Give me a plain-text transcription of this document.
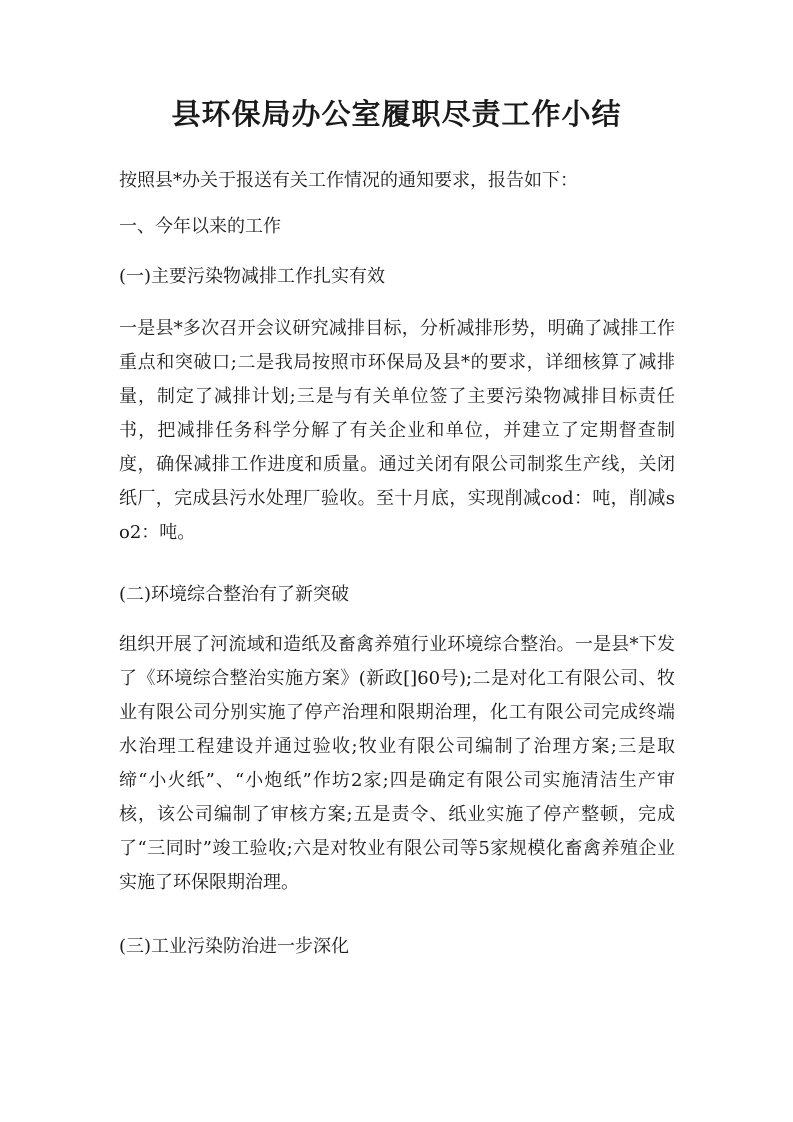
县环保局办公室履职尽责工作小结

按照县*办关于报送有关工作情况的通知要求，报告如下：

一、今年以来的工作

(一)主要污染物减排工作扎实有效

一是县*多次召开会议研究减排目标，分析减排形势，明确了减排工作重点和突破口;二是我局按照市环保局及县*的要求，详细核算了减排量，制定了减排计划;三是与有关单位签了主要污染物减排目标责任书，把减排任务科学分解了有关企业和单位，并建立了定期督查制度，确保减排工作进度和质量。通过关闭有限公司制浆生产线，关闭纸厂，完成县污水处理厂验收。至十月底，实现削减cod：吨，削减so2：吨。

(二)环境综合整治有了新突破

组织开展了河流域和造纸及畜禽养殖行业环境综合整治。一是县*下发了《环境综合整治实施方案》(新政[]60号);二是对化工有限公司、牧业有限公司分别实施了停产治理和限期治理，化工有限公司完成终端水治理工程建设并通过验收;牧业有限公司编制了治理方案;三是取缔“小火纸”、“小炮纸”作坊2家;四是确定有限公司实施清洁生产审核，该公司编制了审核方案;五是责令、纸业实施了停产整顿，完成了“三同时”竣工验收;六是对牧业有限公司等5家规模化畜禽养殖企业实施了环保限期治理。

(三)工业污染防治进一步深化
